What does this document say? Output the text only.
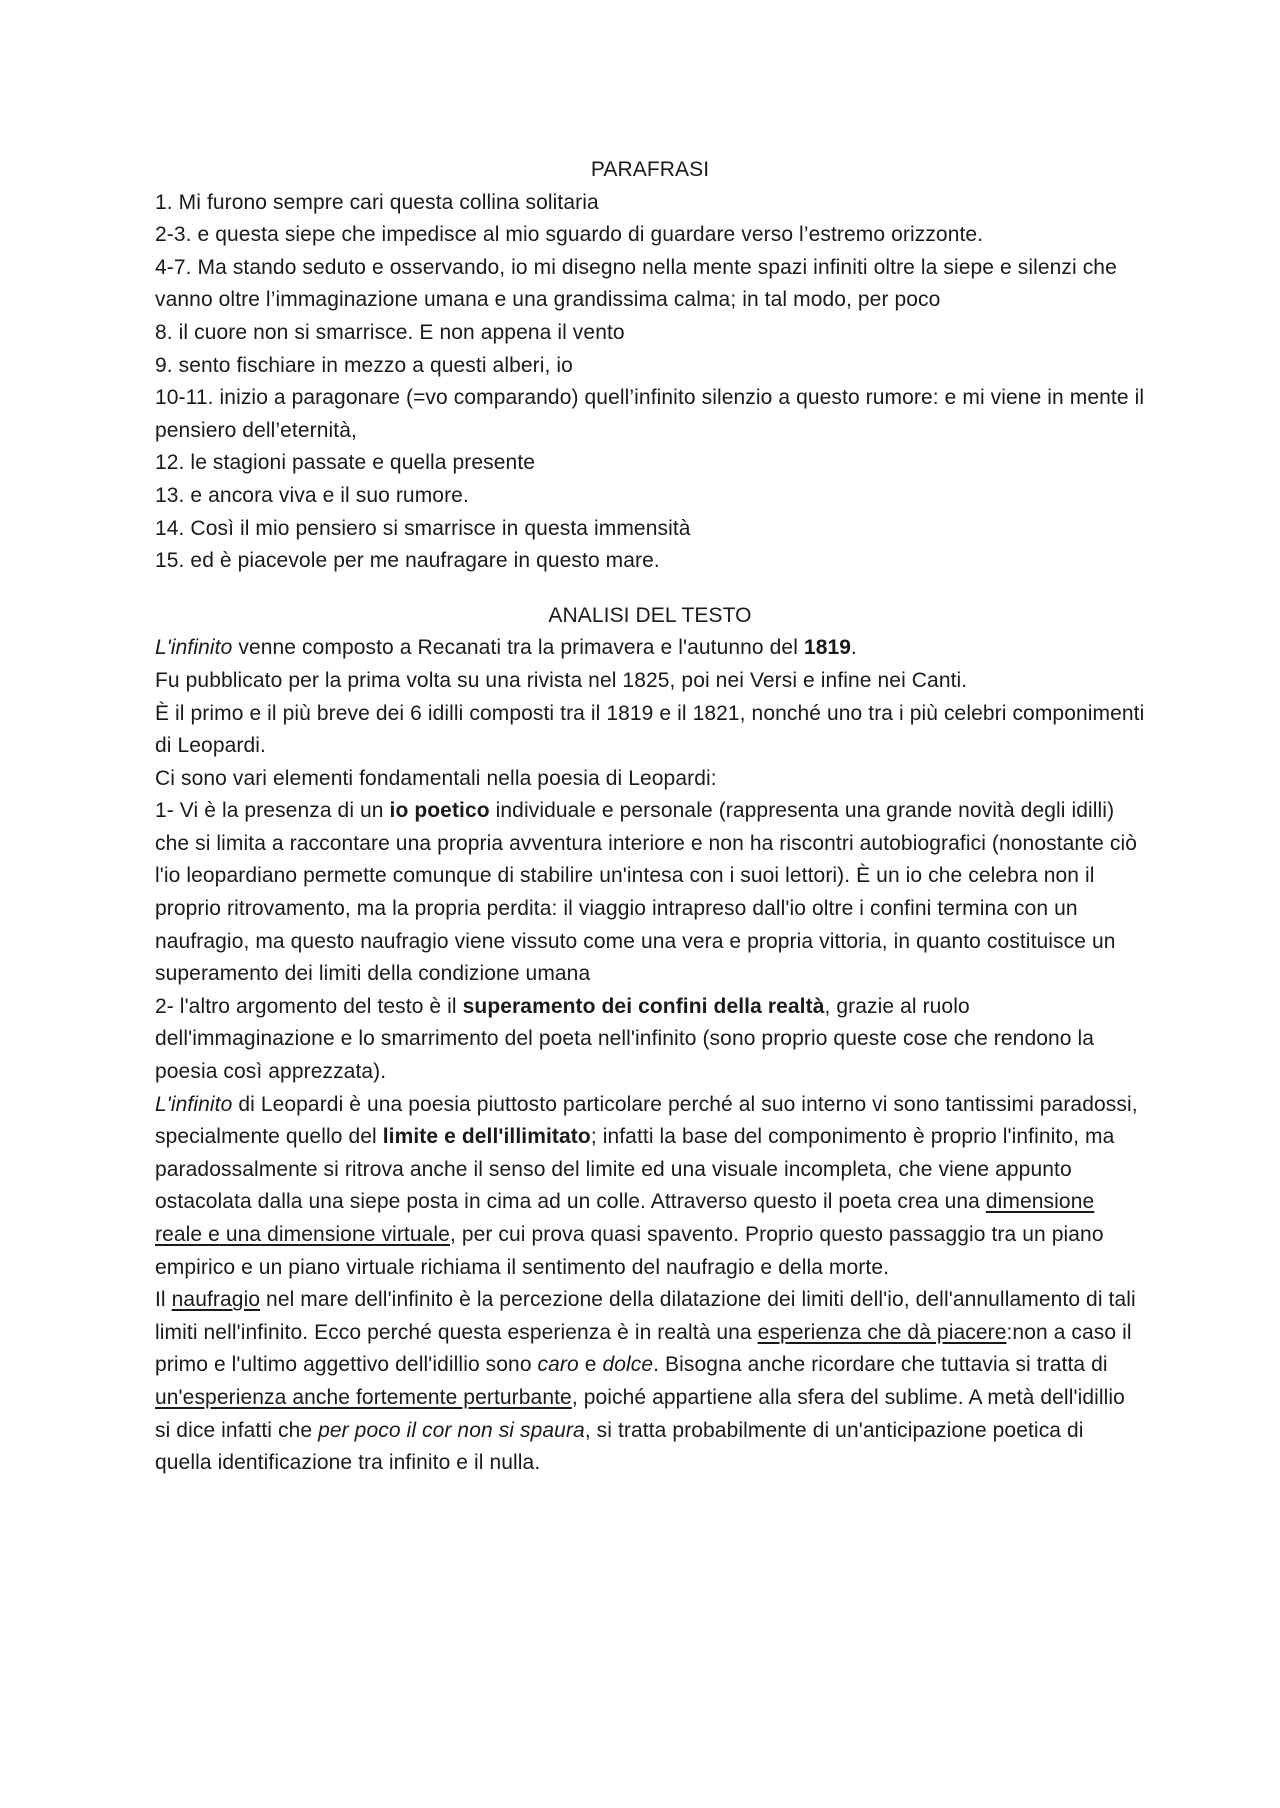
PARAFRASI

1. Mi furono sempre cari questa collina solitaria

2-3. e questa siepe che impedisce al mio sguardo di guardare verso l’estremo orizzonte.

4-7. Ma stando seduto e osservando, io mi disegno nella mente spazi infiniti oltre la siepe e silenzi che vanno oltre l’immaginazione umana e una grandissima calma; in tal modo, per poco

8. il cuore non si smarrisce. E non appena il vento

9. sento fischiare in mezzo a questi alberi, io

10-11. inizio a paragonare (=vo comparando) quell’infinito silenzio a questo rumore: e mi viene in mente il pensiero dell’eternità,

12. le stagioni passate e quella presente

13. e ancora viva e il suo rumore.

14. Così il mio pensiero si smarrisce in questa immensità

15. ed è piacevole per me naufragare in questo mare.

ANALISI DEL TESTO

L'infinito venne composto a Recanati tra la primavera e l'autunno del 1819.

Fu pubblicato per la prima volta su una rivista nel 1825, poi nei Versi e infine nei Canti.

È il primo e il più breve dei 6 idilli composti tra il 1819 e il 1821, nonché uno tra i più celebri componimenti di Leopardi.

Ci sono vari elementi fondamentali nella poesia di Leopardi:

1- Vi è la presenza di un io poetico individuale e personale (rappresenta una grande novità degli idilli) che si limita a raccontare una propria avventura interiore e non ha riscontri autobiografici (nonostante ciò l'io leopardiano permette comunque di stabilire un'intesa con i suoi lettori). È un io che celebra non il proprio ritrovamento, ma la propria perdita: il viaggio intrapreso dall'io oltre i confini termina con un naufragio, ma questo naufragio viene vissuto come una vera e propria vittoria, in quanto costituisce un superamento dei limiti della condizione umana

2- l'altro argomento del testo è il superamento dei confini della realtà, grazie al ruolo dell'immaginazione e lo smarrimento del poeta nell'infinito (sono proprio queste cose che rendono la poesia così apprezzata).

L'infinito di Leopardi è una poesia piuttosto particolare perché al suo interno vi sono tantissimi paradossi, specialmente quello del limite e dell'illimitato; infatti la base del componimento è proprio l'infinito, ma paradossalmente si ritrova anche il senso del limite ed una visuale incompleta, che viene appunto ostacolata dalla una siepe posta in cima ad un colle. Attraverso questo il poeta crea una dimensione reale e una dimensione virtuale, per cui prova quasi spavento. Proprio questo passaggio tra un piano empirico e un piano virtuale richiama il sentimento del naufragio e della morte.

Il naufragio nel mare dell'infinito è la percezione della dilatazione dei limiti dell'io, dell'annullamento di tali limiti nell'infinito. Ecco perché questa esperienza è in realtà una esperienza che dà piacere:non a caso il primo e l'ultimo aggettivo dell'idillio sono caro e dolce. Bisogna anche ricordare che tuttavia si tratta di un'esperienza anche fortemente perturbante, poiché appartiene alla sfera del sublime. A metà dell'idillio si dice infatti che per poco il cor non si spaura, si tratta probabilmente di un'anticipazione poetica di quella identificazione tra infinito e il nulla.
